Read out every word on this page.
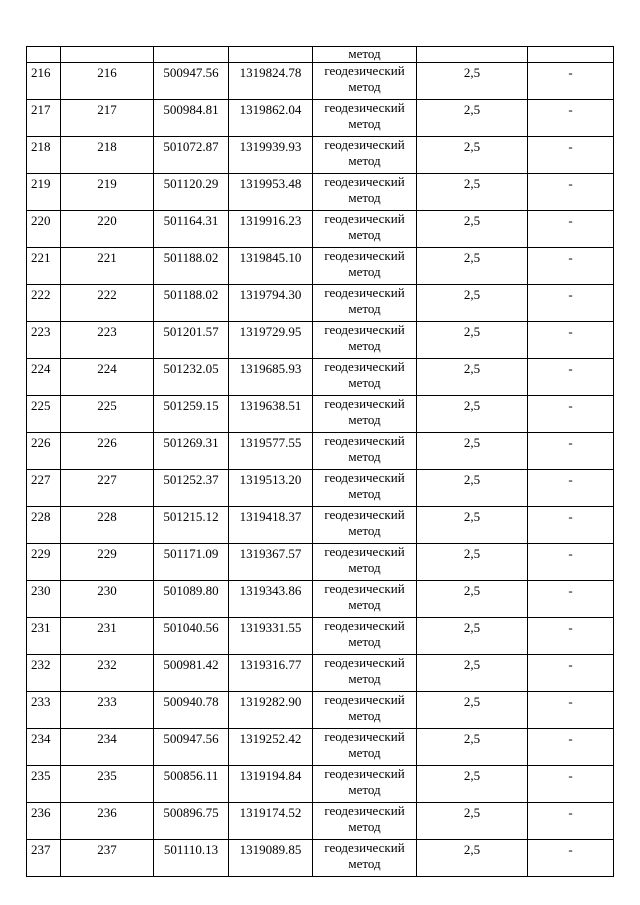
				метод		
216	216	500947.56	1319824.78	геодезический
метод	2,5	-
217	217	500984.81	1319862.04	геодезический
метод	2,5	-
218	218	501072.87	1319939.93	геодезический
метод	2,5	-
219	219	501120.29	1319953.48	геодезический
метод	2,5	-
220	220	501164.31	1319916.23	геодезический
метод	2,5	-
221	221	501188.02	1319845.10	геодезический
метод	2,5	-
222	222	501188.02	1319794.30	геодезический
метод	2,5	-
223	223	501201.57	1319729.95	геодезический
метод	2,5	-
224	224	501232.05	1319685.93	геодезический
метод	2,5	-
225	225	501259.15	1319638.51	геодезический
метод	2,5	-
226	226	501269.31	1319577.55	геодезический
метод	2,5	-
227	227	501252.37	1319513.20	геодезический
метод	2,5	-
228	228	501215.12	1319418.37	геодезический
метод	2,5	-
229	229	501171.09	1319367.57	геодезический
метод	2,5	-
230	230	501089.80	1319343.86	геодезический
метод	2,5	-
231	231	501040.56	1319331.55	геодезический
метод	2,5	-
232	232	500981.42	1319316.77	геодезический
метод	2,5	-
233	233	500940.78	1319282.90	геодезический
метод	2,5	-
234	234	500947.56	1319252.42	геодезический
метод	2,5	-
235	235	500856.11	1319194.84	геодезический
метод	2,5	-
236	236	500896.75	1319174.52	геодезический
метод	2,5	-
237	237	501110.13	1319089.85	геодезический
метод	2,5	-
